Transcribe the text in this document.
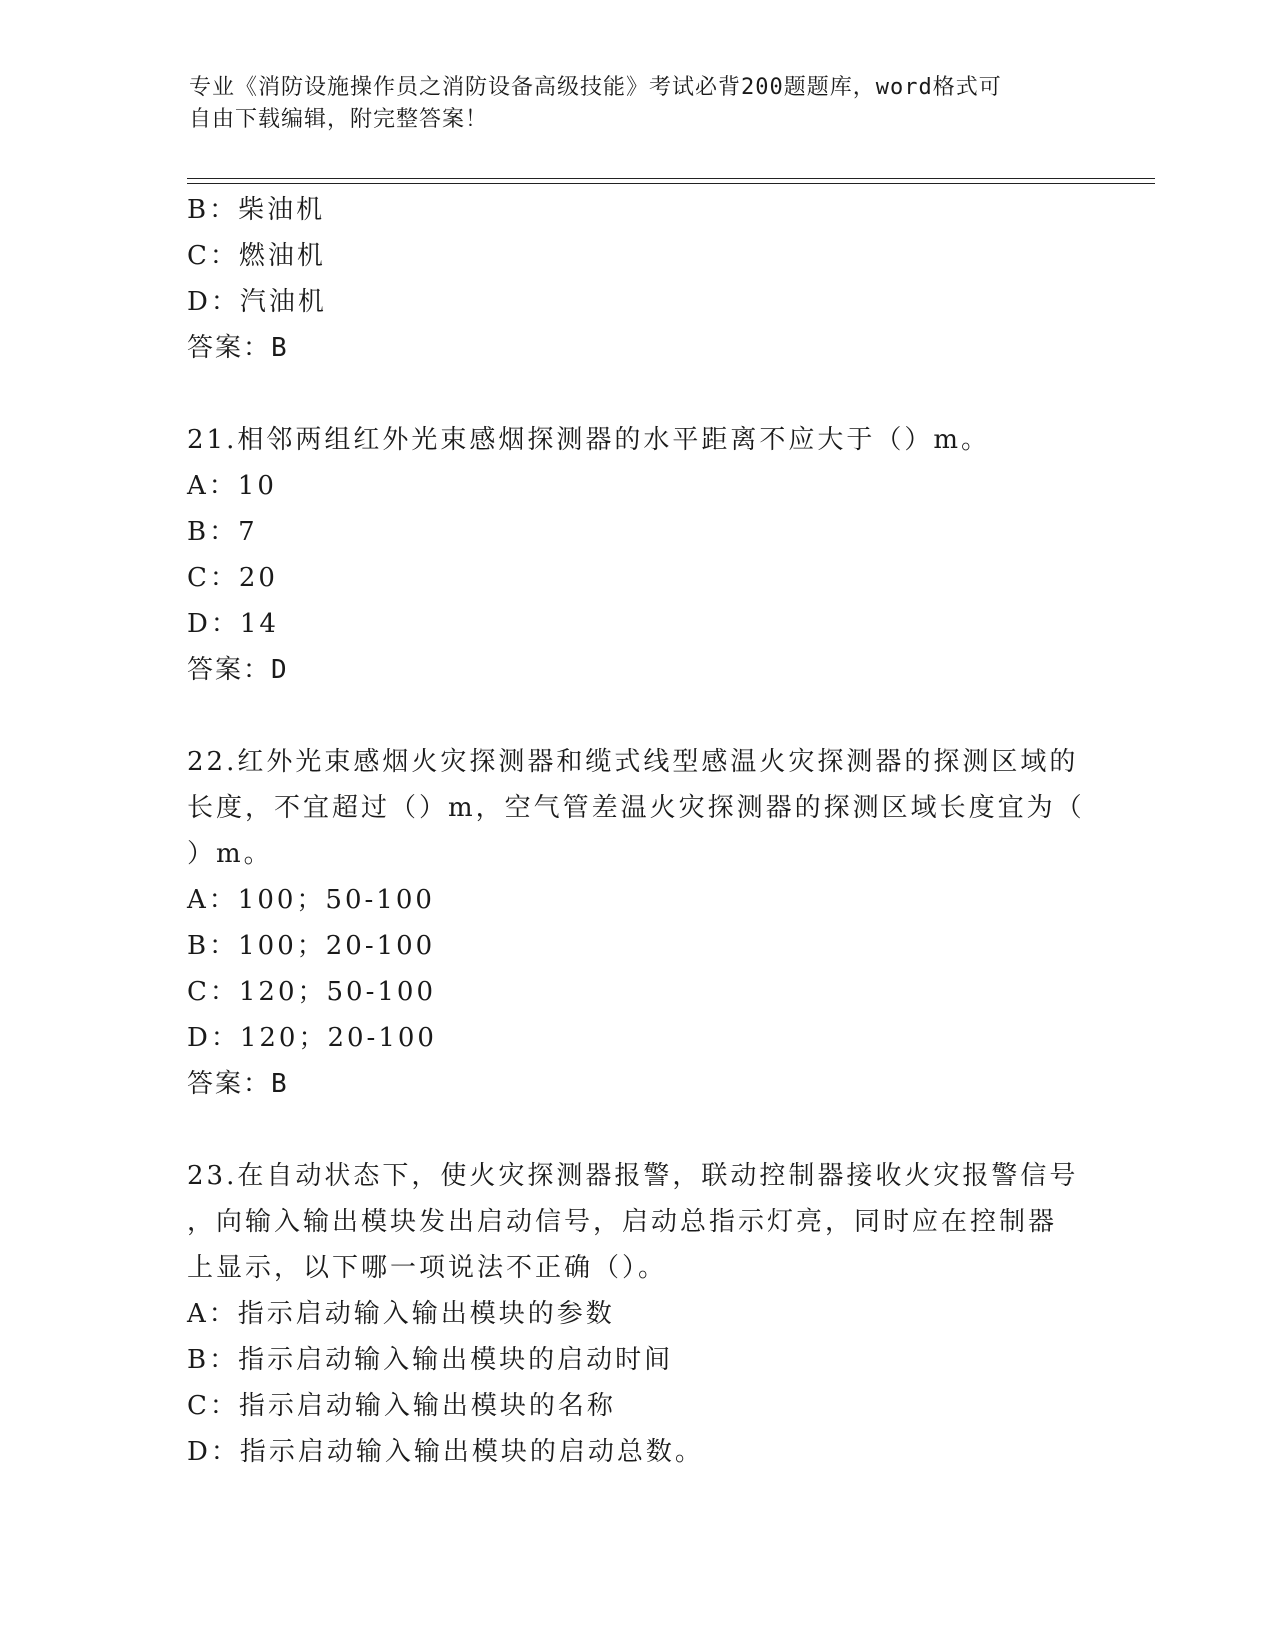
专业《消防设施操作员之消防设备高级技能》考试必背200题题库，word格式可
自由下载编辑，附完整答案！
B：柴油机
C：燃油机
D：汽油机
答案：B
21.相邻两组红外光束感烟探测器的水平距离不应大于（）m。
A：10
B：7
C：20
D：14
答案：D
22.红外光束感烟火灾探测器和缆式线型感温火灾探测器的探测区域的
长度，不宜超过（）m，空气管差温火灾探测器的探测区域长度宜为（
）m。
A：100；50-100
B：100；20-100
C：120；50-100
D：120；20-100
答案：B
23.在自动状态下，使火灾探测器报警，联动控制器接收火灾报警信号
，向输入输出模块发出启动信号，启动总指示灯亮，同时应在控制器
上显示，以下哪一项说法不正确（）。
A：指示启动输入输出模块的参数
B：指示启动输入输出模块的启动时间
C：指示启动输入输出模块的名称
D：指示启动输入输出模块的启动总数。
